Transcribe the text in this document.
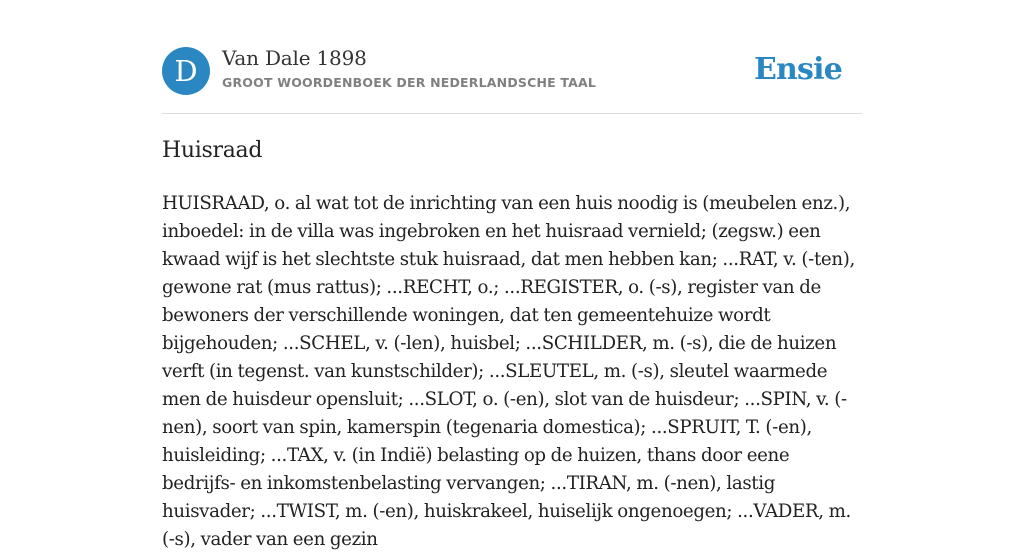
D	Van Dale 1898
GROOT WOORDENBOEK DER NEDERLANDSCHE TAAL	Ensie
Huisraad
HUISRAAD, o. al wat tot de inrichting van een huis noodig is (meubelen enz.), inboedel: in de villa was ingebroken en het huisraad vernield; (zegsw.) een kwaad wijf is het slechtste stuk huisraad, dat men hebben kan; ...RAT, v. (-ten), gewone rat (mus rattus); ...RECHT, o.; ...REGISTER, o. (-s), register van de bewoners der verschillende woningen, dat ten gemeentehuize wordt bijgehouden; ...SCHEL, v. (-len), huisbel; ...SCHILDER, m. (-s), die de huizen verft (in tegenst. van kunstschilder); ...SLEUTEL, m. (-s), sleutel waarmede men de huisdeur opensluit; ...SLOT, o. (-en), slot van de huisdeur; ...SPIN, v. (-nen), soort van spin, kamerspin (tegenaria domestica); ...SPRUIT, T. (-en), huisleiding; ...TAX, v. (in Indië) belasting op de huizen, thans door eene bedrijfs- en inkomstenbelasting vervangen; ...TIRAN, m. (-nen), lastig huisvader; ...TWIST, m. (-en), huiskrakeel, huiselijk ongenoegen; ...VADER, m. (-s), vader van een gezin
